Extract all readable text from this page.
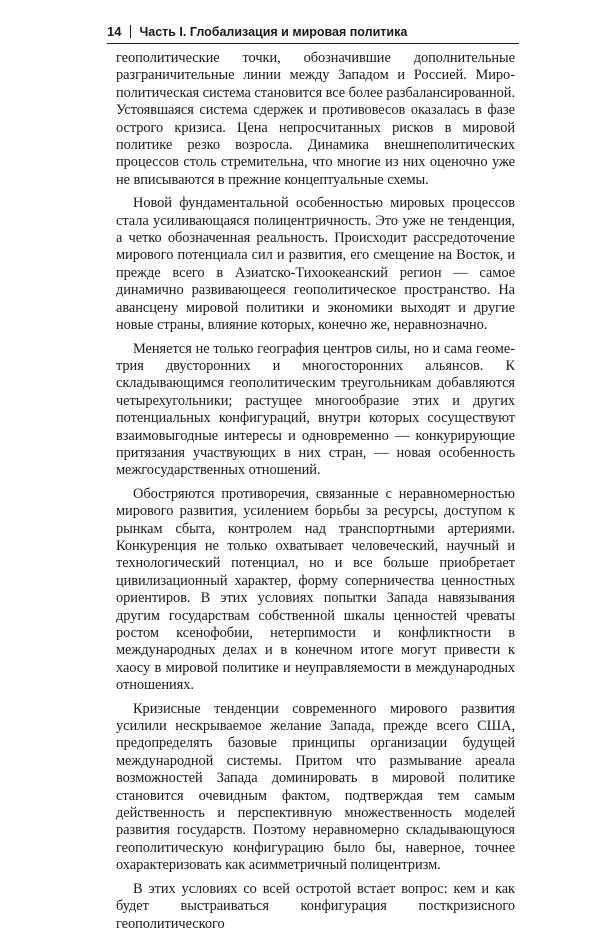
14 Часть I. Глобализация и мировая политика

геополитические точки, обозначившие дополнительные разграничительные линии между Западом и Россией. Мирополитическая система становится все более разбалансированной. Устоявшаяся система сдержек и противовесов оказалась в фазе острого кризиса. Цена непросчитанных рисков в мировой политике резко возросла. Динамика внешнеполитических процессов столь стремительна, что многие из них оценочно уже не вписываются в прежние концептуальные схемы.

Новой фундаментальной особенностью мировых процессов стала усиливающаяся полицентричность. Это уже не тенденция, а четко обозначенная реальность. Происходит рассредоточение мирового потенциала сил и развития, его смещение на Восток, и прежде всего в Азиатско-Тихоокеанский регион — самое динамично развивающееся геополитическое пространство. На авансцену мировой политики и экономики выходят и другие новые страны, влияние которых, конечно же, неравнозначно.

Меняется не только география центров силы, но и сама геометрия двусторонних и многосторонних альянсов. К складывающимся геополитическим треугольникам добавляются четырехугольники; растущее многообразие этих и других потенциальных конфигураций, внутри которых сосуществуют взаимовыгодные интересы и одновременно — конкурирующие притязания участвующих в них стран, — новая особенность межгосударственных отношений.

Обостряются противоречия, связанные с неравномерностью мирового развития, усилением борьбы за ресурсы, доступом к рынкам сбыта, контролем над транспортными артериями. Конкуренция не только охватывает человеческий, научный и технологический потенциал, но и все больше приобретает цивилизационный характер, форму соперничества ценностных ориентиров. В этих условиях попытки Запада навязывания другим государствам собственной шкалы ценностей чреваты ростом ксенофобии, нетерпимости и конфликтности в международных делах и в конечном итоге могут привести к хаосу в мировой политике и неуправляемости в международных отношениях.

Кризисные тенденции современного мирового развития усилили нескрываемое желание Запада, прежде всего США, предопределять базовые принципы организации будущей международной системы. Притом что размывание ареала возможностей Запада доминировать в мировой политике становится очевидным фактом, подтверждая тем самым действенность и перспективную множественность моделей развития государств. Поэтому неравномерно складывающуюся геополитическую конфигурацию было бы, наверное, точнее охарактеризовать как асимметричный полицентризм.

В этих условиях со всей остротой встает вопрос: кем и как будет выстраиваться конфигурация посткризисного геополитического
